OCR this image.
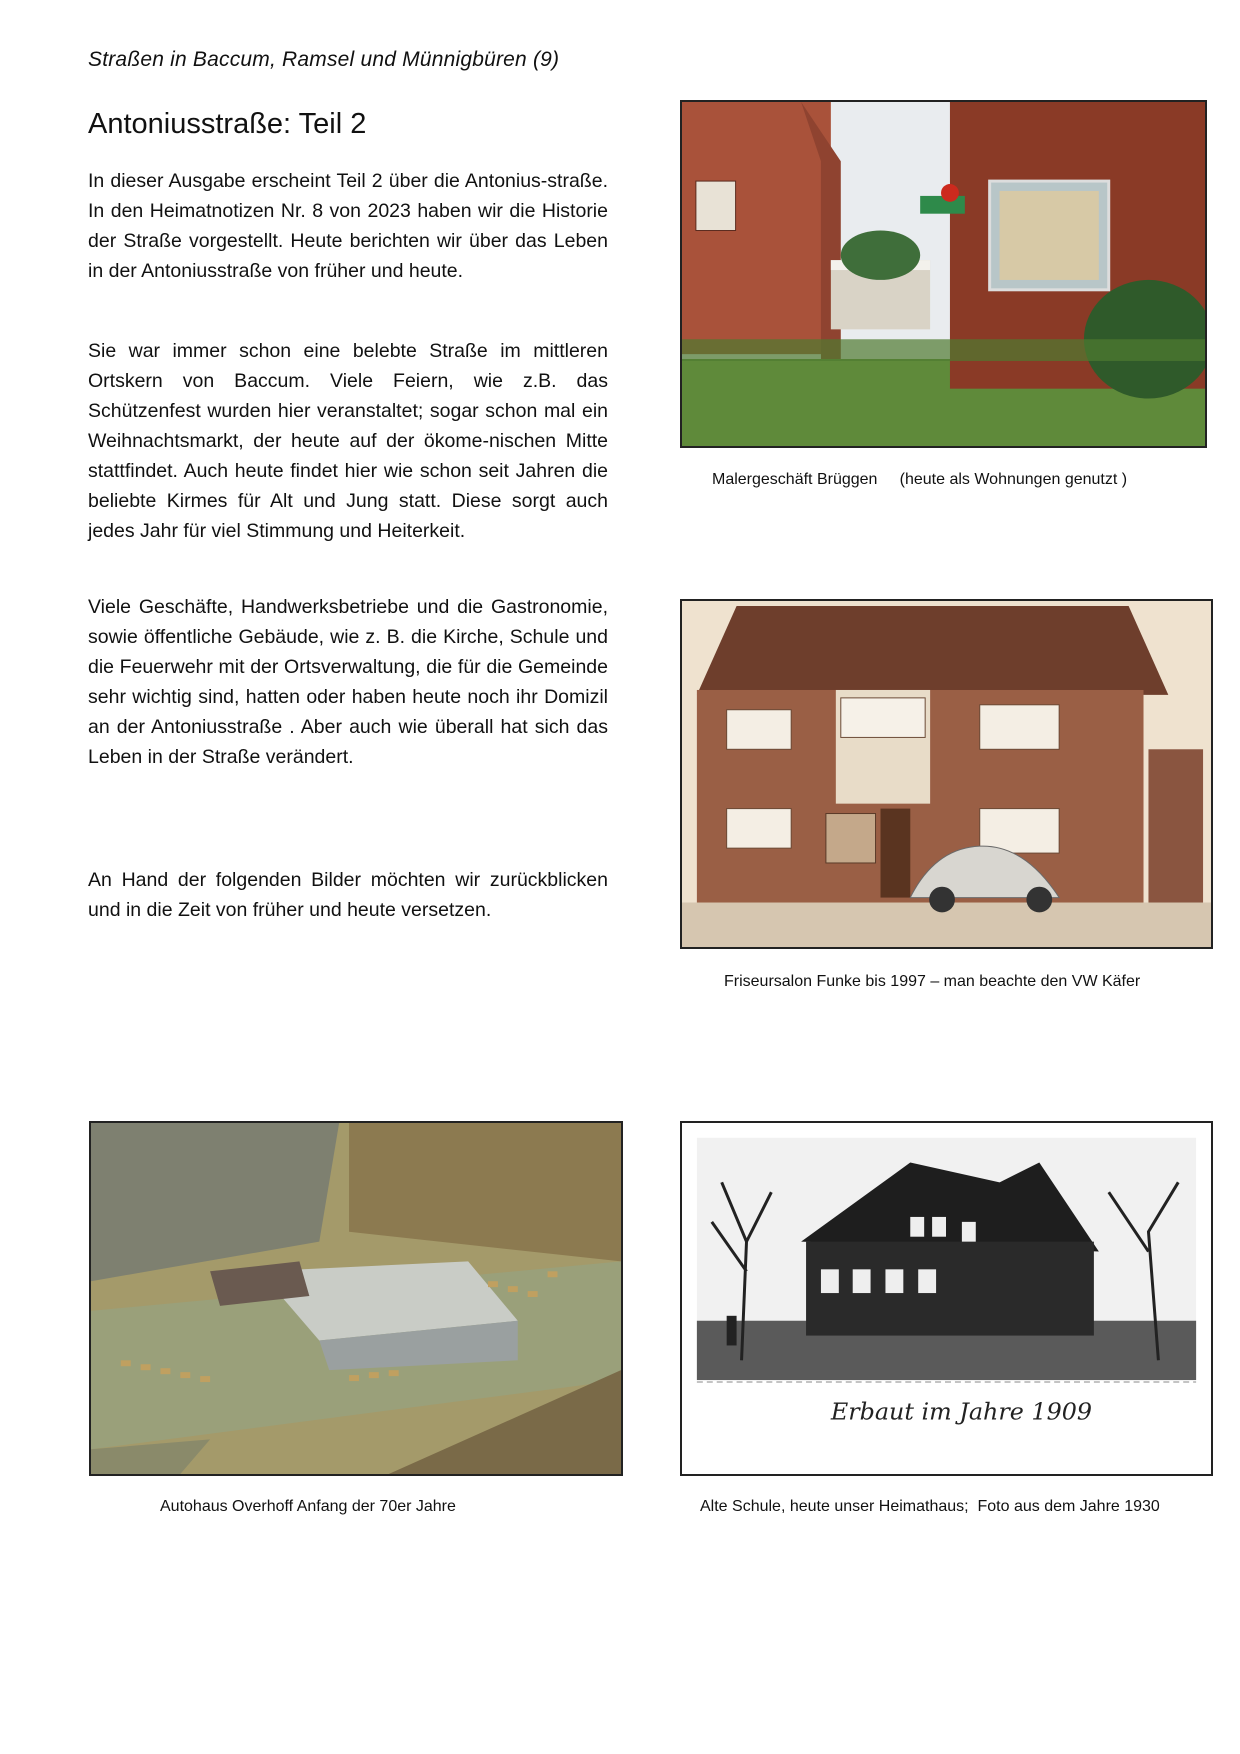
Straßen in Baccum, Ramsel und Münnigbüren (9)
Antoniusstraße: Teil 2

In dieser Ausgabe erscheint Teil 2 über die Antonius-straße. In den Heimatnotizen Nr. 8 von 2023 haben wir die Historie der Straße vorgestellt. Heute berichten wir über das Leben in der Antoniusstraße von früher und heute.

Sie war immer schon eine belebte Straße im mittleren Ortskern von Baccum. Viele Feiern, wie z.B. das Schützenfest wurden hier veranstaltet; sogar schon mal ein Weihnachtsmarkt, der heute auf der ökome-nischen Mitte stattfindet. Auch heute findet hier wie schon seit Jahren die beliebte Kirmes für Alt und Jung statt. Diese sorgt auch jedes Jahr für viel Stimmung und Heiterkeit.

Viele Geschäfte, Handwerksbetriebe und die Gastronomie, sowie öffentliche Gebäude, wie z. B. die Kirche, Schule und die Feuerwehr mit der Ortsverwaltung, die für die Gemeinde sehr wichtig sind, hatten oder haben heute noch ihr Domizil an der Antoniusstraße . Aber auch wie überall hat sich das Leben in der Straße verändert.

An Hand der folgenden Bilder möchten wir zurückblicken und in die Zeit von früher und heute versetzen.

Malergeschäft Brüggen     (heute als Wohnungen genutzt )
Friseursalon Funke bis 1997 – man beachte den VW Käfer
Autohaus Overhoff Anfang der 70er Jahre
Erbaut im Jahre 1909
Alte Schule, heute unser Heimathaus;  Foto aus dem Jahre 1930
